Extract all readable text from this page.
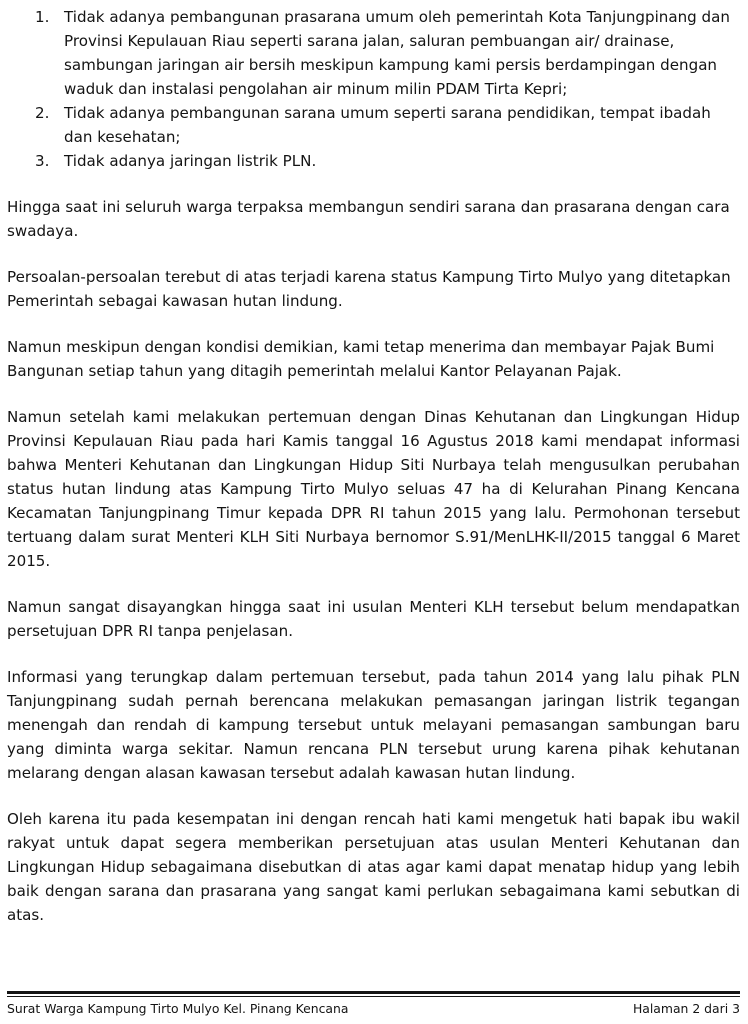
1. Tidak adanya pembangunan prasarana umum oleh pemerintah Kota Tanjungpinang dan Provinsi Kepulauan Riau seperti sarana jalan, saluran pembuangan air/ drainase, sambungan jaringan air bersih meskipun kampung kami persis berdampingan dengan waduk dan instalasi pengolahan air minum milin PDAM Tirta Kepri;
2. Tidak adanya pembangunan sarana umum seperti sarana pendidikan, tempat ibadah dan kesehatan;
3. Tidak adanya jaringan listrik PLN.

Hingga saat ini seluruh warga terpaksa membangun sendiri sarana dan prasarana dengan cara swadaya.

Persoalan-persoalan terebut di atas terjadi karena status Kampung Tirto Mulyo yang ditetapkan Pemerintah sebagai kawasan hutan lindung.

Namun meskipun dengan kondisi demikian, kami tetap menerima dan membayar Pajak Bumi Bangunan setiap tahun yang ditagih pemerintah melalui Kantor Pelayanan Pajak.

Namun setelah kami melakukan pertemuan dengan Dinas Kehutanan dan Lingkungan Hidup Provinsi Kepulauan Riau pada hari Kamis tanggal 16 Agustus 2018 kami mendapat informasi bahwa Menteri Kehutanan dan Lingkungan Hidup Siti Nurbaya telah mengusulkan perubahan status hutan lindung atas Kampung Tirto Mulyo seluas 47 ha di Kelurahan Pinang Kencana Kecamatan Tanjungpinang Timur kepada DPR RI tahun 2015 yang lalu. Permohonan tersebut tertuang dalam surat Menteri KLH Siti Nurbaya bernomor S.91/MenLHK-II/2015 tanggal 6 Maret 2015.

Namun sangat disayangkan hingga saat ini usulan Menteri KLH tersebut belum mendapatkan persetujuan DPR RI tanpa penjelasan.

Informasi yang terungkap dalam pertemuan tersebut, pada tahun 2014 yang lalu pihak PLN Tanjungpinang sudah pernah berencana melakukan pemasangan jaringan listrik tegangan menengah dan rendah di kampung tersebut untuk melayani pemasangan sambungan baru yang diminta warga sekitar. Namun rencana PLN tersebut urung karena pihak kehutanan melarang dengan alasan kawasan tersebut adalah kawasan hutan lindung.

Oleh karena itu pada kesempatan ini dengan rencah hati kami mengetuk hati bapak ibu wakil rakyat untuk dapat segera memberikan persetujuan atas usulan Menteri Kehutanan dan Lingkungan Hidup sebagaimana disebutkan di atas agar kami dapat menatap hidup yang lebih baik dengan sarana dan prasarana yang sangat kami perlukan sebagaimana kami sebutkan di atas.

Surat Warga Kampung Tirto Mulyo Kel. Pinang Kencana	Halaman 2 dari 3
